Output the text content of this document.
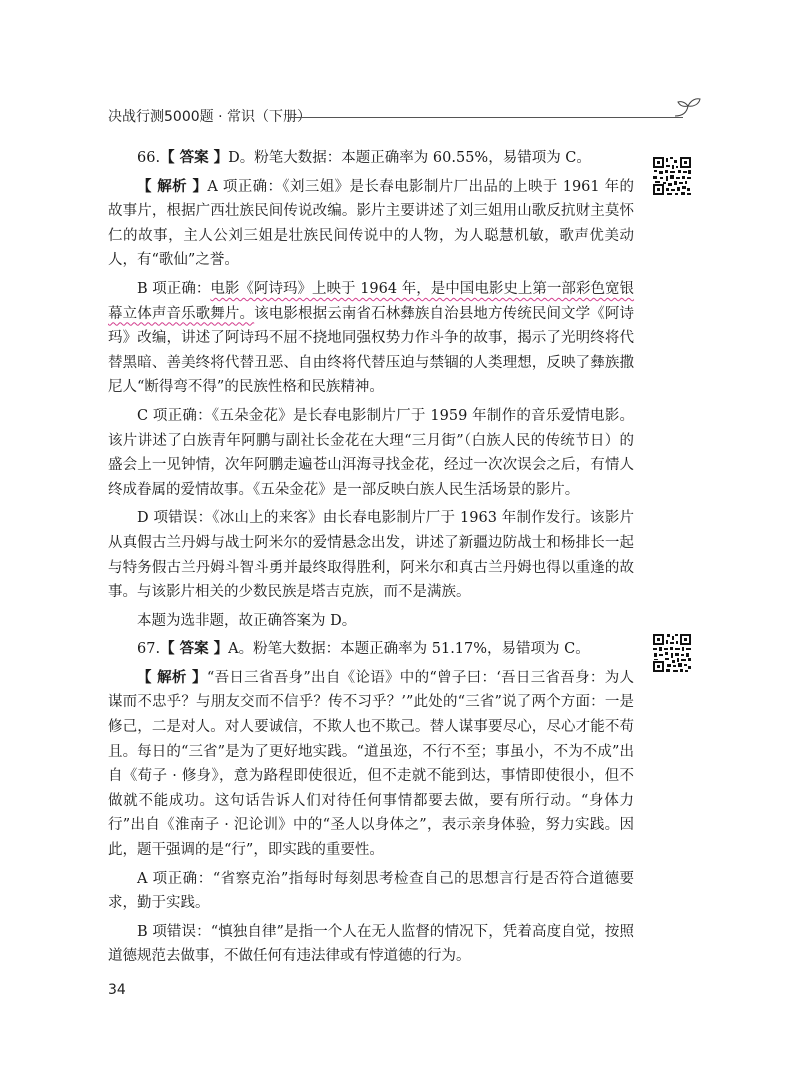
决战行测5000题 · 常识（下册）

66.【 答案 】D。粉笔大数据：本题正确率为 60.55%，易错项为 C。

【 解析 】A 项正确：《刘三姐》是长春电影制片厂出品的上映于 1961 年的故事片，根据广西壮族民间传说改编。影片主要讲述了刘三姐用山歌反抗财主莫怀仁的故事，主人公刘三姐是壮族民间传说中的人物，为人聪慧机敏，歌声优美动人，有“歌仙”之誉。

B 项正确：电影《阿诗玛》上映于 1964 年，是中国电影史上第一部彩色宽银幕立体声音乐歌舞片。该电影根据云南省石林彝族自治县地方传统民间文学《阿诗玛》改编，讲述了阿诗玛不屈不挠地同强权势力作斗争的故事，揭示了光明终将代替黑暗、善美终将代替丑恶、自由终将代替压迫与禁锢的人类理想，反映了彝族撒尼人“断得弯不得”的民族性格和民族精神。

C 项正确：《五朵金花》是长春电影制片厂于 1959 年制作的音乐爱情电影。该片讲述了白族青年阿鹏与副社长金花在大理“三月街”（白族人民的传统节日）的盛会上一见钟情，次年阿鹏走遍苍山洱海寻找金花，经过一次次误会之后，有情人终成眷属的爱情故事。《五朵金花》是一部反映白族人民生活场景的影片。

D 项错误：《冰山上的来客》由长春电影制片厂于 1963 年制作发行。该影片从真假古兰丹姆与战士阿米尔的爱情悬念出发，讲述了新疆边防战士和杨排长一起与特务假古兰丹姆斗智斗勇并最终取得胜利，阿米尔和真古兰丹姆也得以重逢的故事。与该影片相关的少数民族是塔吉克族，而不是满族。

本题为选非题，故正确答案为 D。

67.【 答案 】A。粉笔大数据：本题正确率为 51.17%，易错项为 C。

【 解析 】“吾日三省吾身”出自《论语》中的“曾子曰：‘吾日三省吾身：为人谋而不忠乎？与朋友交而不信乎？传不习乎？’”此处的“三省”说了两个方面：一是修己，二是对人。对人要诚信，不欺人也不欺己。替人谋事要尽心，尽心才能不苟且。每日的“三省”是为了更好地实践。“道虽迩，不行不至；事虽小，不为不成”出自《荀子 · 修身》，意为路程即使很近，但不走就不能到达，事情即使很小，但不做就不能成功。这句话告诉人们对待任何事情都要去做，要有所行动。“身体力行”出自《淮南子 · 氾论训》中的“圣人以身体之”，表示亲身体验，努力实践。因此，题干强调的是“行”，即实践的重要性。

A 项正确：“省察克治”指每时每刻思考检查自己的思想言行是否符合道德要求，勤于实践。

B 项错误：“慎独自律”是指一个人在无人监督的情况下，凭着高度自觉，按照道德规范去做事，不做任何有违法律或有悖道德的行为。

34
